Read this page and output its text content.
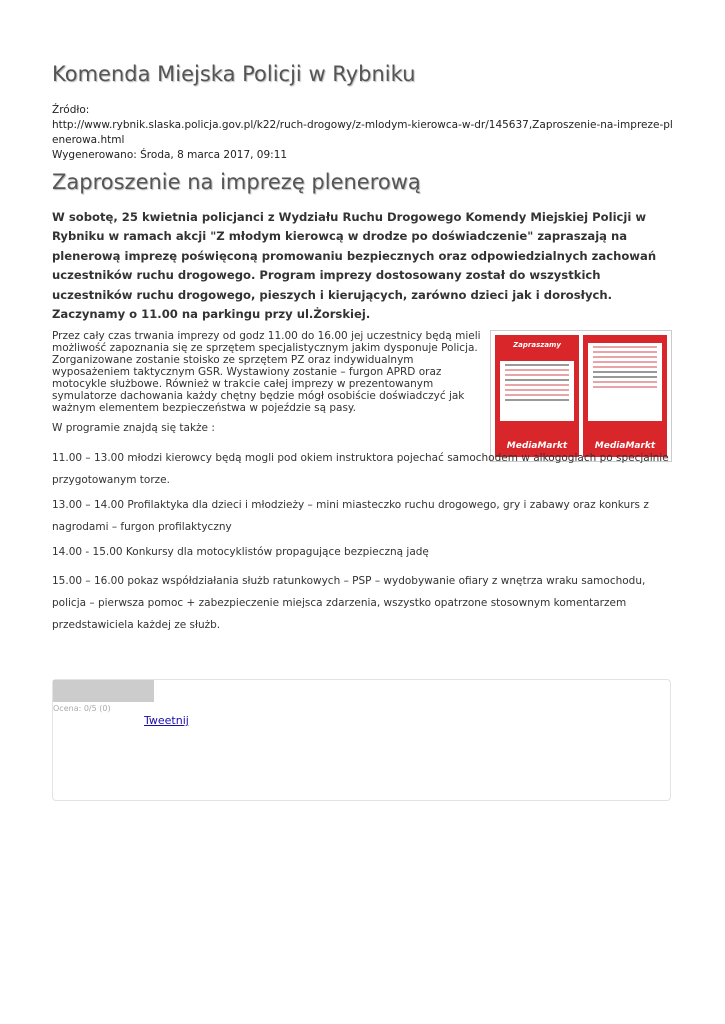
Komenda Miejska Policji w Rybniku
Źródło:
http://www.rybnik.slaska.policja.gov.pl/k22/ruch-drogowy/z-mlodym-kierowca-w-dr/145637,Zaproszenie-na-impreze-plenerowa.html
Wygenerowano: Środa, 8 marca 2017, 09:11
Zaproszenie na imprezę plenerową

W sobotę, 25 kwietnia policjanci z Wydziału Ruchu Drogowego Komendy Miejskiej Policji w Rybniku w ramach akcji "Z młodym kierowcą w drodze po doświadczenie" zapraszają na plenerową imprezę poświęconą promowaniu bezpiecznych oraz odpowiedzialnych zachowań uczestników ruchu drogowego. Program imprezy dostosowany został do wszystkich uczestników ruchu drogowego, pieszych i kierujących, zarówno dzieci jak i dorosłych. Zaczynamy o 11.00 na parkingu przy ul.Żorskiej.

Przez cały czas trwania imprezy od godz 11.00 do 16.00 jej uczestnicy będą mieli możliwość zapoznania się ze sprzętem specjalistycznym jakim dysponuje Policja. Zorganizowane zostanie stoisko ze sprzętem PZ oraz indywidualnym wyposażeniem taktycznym GSR. Wystawiony zostanie – furgon APRD oraz motocykle służbowe. Również w trakcie całej imprezy w prezentowanym symulatorze dachowania każdy chętny będzie mógł osobiście doświadczyć jak ważnym elementem bezpieczeństwa w pojeździe są pasy.

Zapraszamy
MediaMarkt	MediaMarkt

W programie znajdą się także :

11.00 – 13.00 młodzi kierowcy będą mogli pod okiem instruktora pojechać samochodem w alkogoglach po specjalnie przygotowanym torze.

13.00 – 14.00 Profilaktyka dla dzieci i młodzieży – mini miasteczko ruchu drogowego, gry i zabawy oraz konkurs z nagrodami – furgon profilaktyczny

14.00 - 15.00 Konkursy dla motocyklistów propagujące bezpieczną jadę

15.00 – 16.00 pokaz współdziałania służb ratunkowych – PSP – wydobywanie ofiary z wnętrza wraku samochodu, policja – pierwsza pomoc + zabezpieczenie miejsca zdarzenia, wszystko opatrzone stosownym komentarzem przedstawiciela każdej ze służb.

Ocena: 0/5 (0)
Tweetnij
